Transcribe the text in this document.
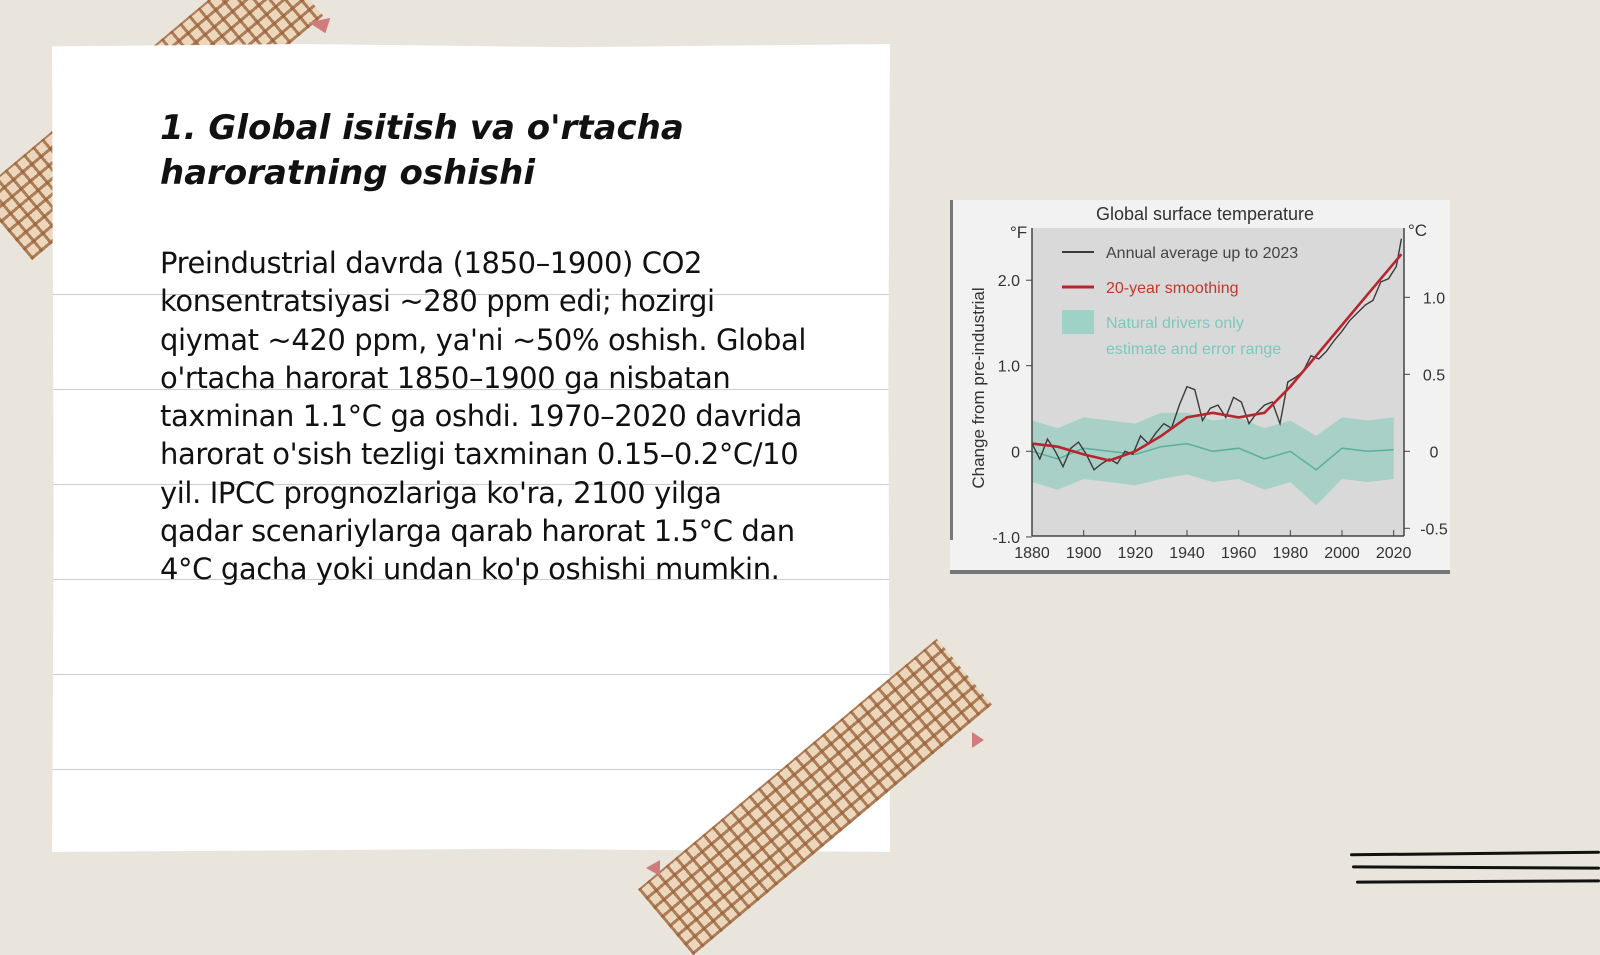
1. Global isitish va o'rtacha
haroratning oshishi
Preindustrial davrda (1850–1900) CO2
konsentratsiyasi ~280 ppm edi; hozirgi
qiymat ~420 ppm, ya'ni ~50% oshish. Global
o'rtacha harorat 1850–1900 ga nisbatan
taxminan 1.1°C ga oshdi. 1970–2020 davrida
harorat o'sish tezligi taxminan 0.15–0.2°C/10
yil. IPCC prognozlariga ko'ra, 2100 yilga
qadar scenariylarga qarab harorat 1.5°C dan
4°C gacha yoki undan ko'p oshishi mumkin.	1880 1900 1920 1940 1960 1980 2000 2020
2.0
1.0
0
-1.0
1.0
0.5
0
-0.5
Global surface temperature
°F	°C
Change from pre-industrial
Annual average up to 2023
20-year smoothing
Natural drivers only
estimate and error range
